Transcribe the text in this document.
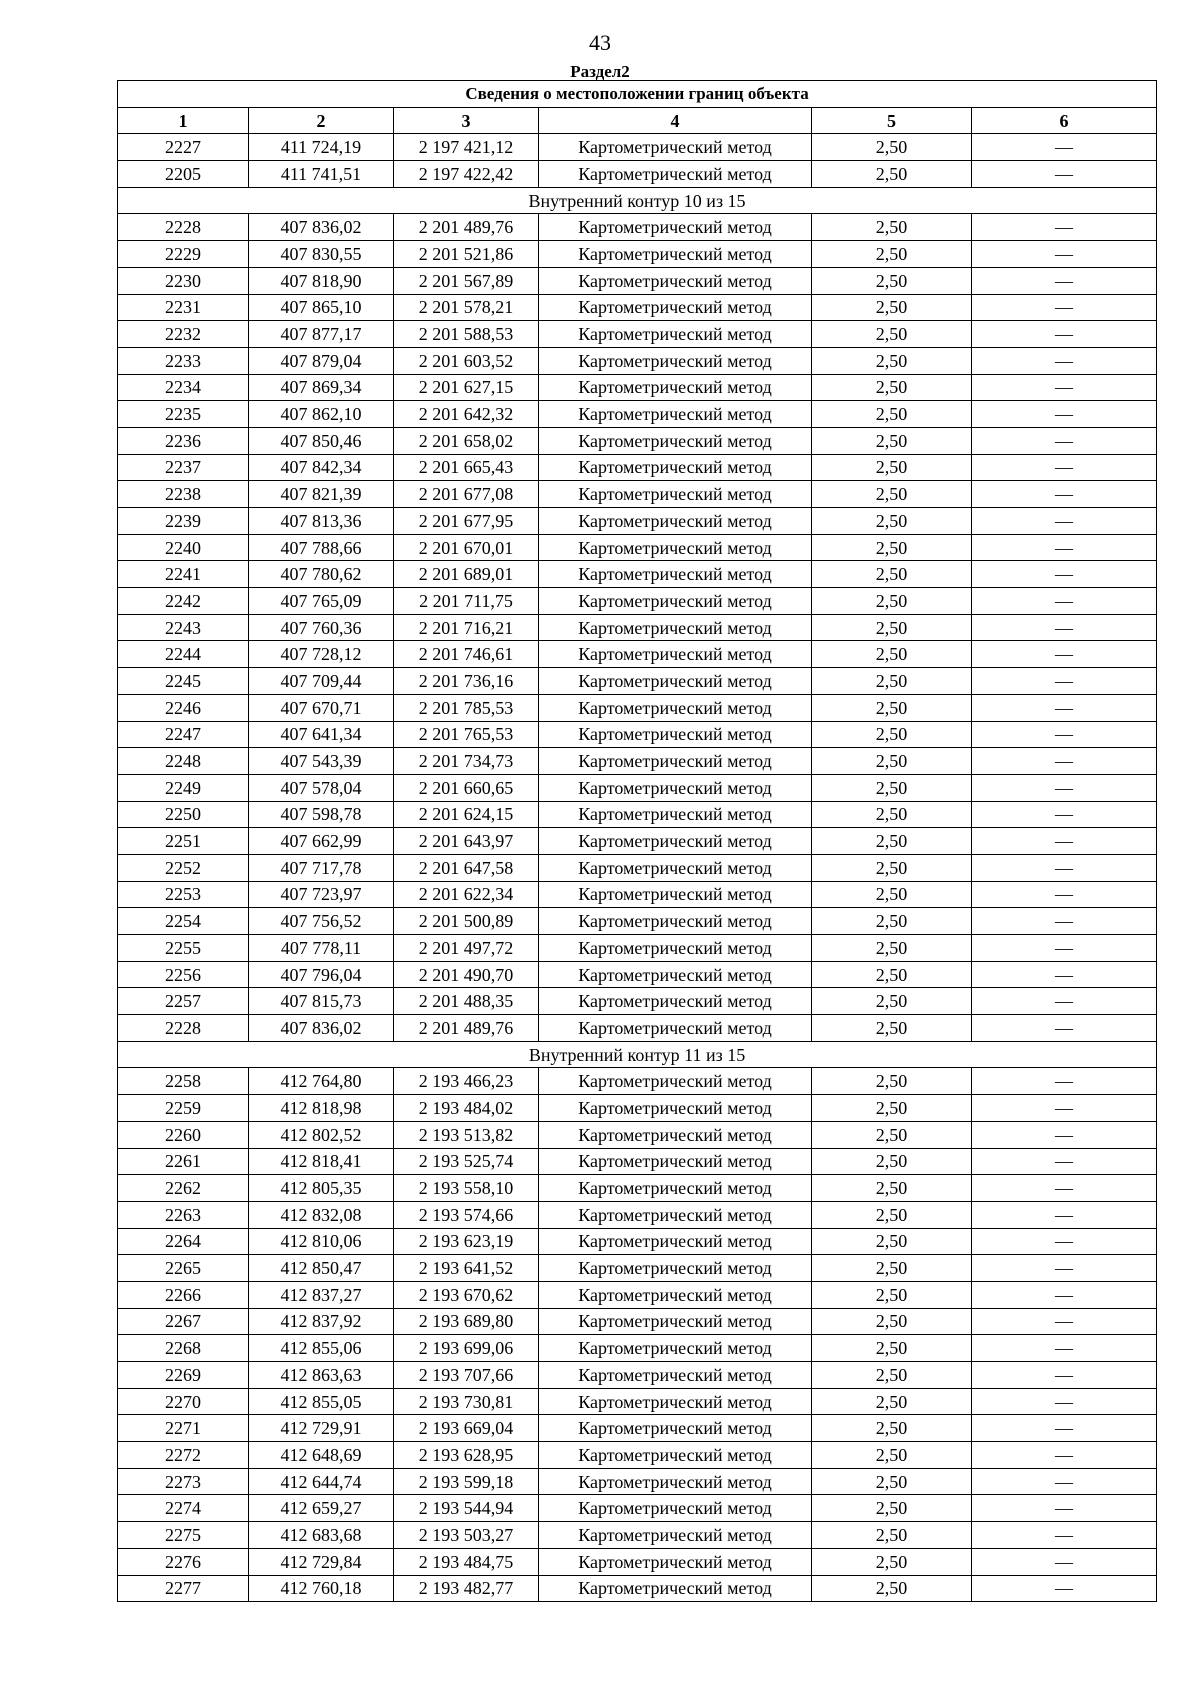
43
Раздел2
Сведения о местоположении границ объекта					
1	2	3	4	5	6
2227	411 724,19	2 197 421,12	Картометрический метод	2,50	—
2205	411 741,51	2 197 422,42	Картометрический метод	2,50	—
Внутренний контур 10 из 15					
2228	407 836,02	2 201 489,76	Картометрический метод	2,50	—
2229	407 830,55	2 201 521,86	Картометрический метод	2,50	—
2230	407 818,90	2 201 567,89	Картометрический метод	2,50	—
2231	407 865,10	2 201 578,21	Картометрический метод	2,50	—
2232	407 877,17	2 201 588,53	Картометрический метод	2,50	—
2233	407 879,04	2 201 603,52	Картометрический метод	2,50	—
2234	407 869,34	2 201 627,15	Картометрический метод	2,50	—
2235	407 862,10	2 201 642,32	Картометрический метод	2,50	—
2236	407 850,46	2 201 658,02	Картометрический метод	2,50	—
2237	407 842,34	2 201 665,43	Картометрический метод	2,50	—
2238	407 821,39	2 201 677,08	Картометрический метод	2,50	—
2239	407 813,36	2 201 677,95	Картометрический метод	2,50	—
2240	407 788,66	2 201 670,01	Картометрический метод	2,50	—
2241	407 780,62	2 201 689,01	Картометрический метод	2,50	—
2242	407 765,09	2 201 711,75	Картометрический метод	2,50	—
2243	407 760,36	2 201 716,21	Картометрический метод	2,50	—
2244	407 728,12	2 201 746,61	Картометрический метод	2,50	—
2245	407 709,44	2 201 736,16	Картометрический метод	2,50	—
2246	407 670,71	2 201 785,53	Картометрический метод	2,50	—
2247	407 641,34	2 201 765,53	Картометрический метод	2,50	—
2248	407 543,39	2 201 734,73	Картометрический метод	2,50	—
2249	407 578,04	2 201 660,65	Картометрический метод	2,50	—
2250	407 598,78	2 201 624,15	Картометрический метод	2,50	—
2251	407 662,99	2 201 643,97	Картометрический метод	2,50	—
2252	407 717,78	2 201 647,58	Картометрический метод	2,50	—
2253	407 723,97	2 201 622,34	Картометрический метод	2,50	—
2254	407 756,52	2 201 500,89	Картометрический метод	2,50	—
2255	407 778,11	2 201 497,72	Картометрический метод	2,50	—
2256	407 796,04	2 201 490,70	Картометрический метод	2,50	—
2257	407 815,73	2 201 488,35	Картометрический метод	2,50	—
2228	407 836,02	2 201 489,76	Картометрический метод	2,50	—
Внутренний контур 11 из 15					
2258	412 764,80	2 193 466,23	Картометрический метод	2,50	—
2259	412 818,98	2 193 484,02	Картометрический метод	2,50	—
2260	412 802,52	2 193 513,82	Картометрический метод	2,50	—
2261	412 818,41	2 193 525,74	Картометрический метод	2,50	—
2262	412 805,35	2 193 558,10	Картометрический метод	2,50	—
2263	412 832,08	2 193 574,66	Картометрический метод	2,50	—
2264	412 810,06	2 193 623,19	Картометрический метод	2,50	—
2265	412 850,47	2 193 641,52	Картометрический метод	2,50	—
2266	412 837,27	2 193 670,62	Картометрический метод	2,50	—
2267	412 837,92	2 193 689,80	Картометрический метод	2,50	—
2268	412 855,06	2 193 699,06	Картометрический метод	2,50	—
2269	412 863,63	2 193 707,66	Картометрический метод	2,50	—
2270	412 855,05	2 193 730,81	Картометрический метод	2,50	—
2271	412 729,91	2 193 669,04	Картометрический метод	2,50	—
2272	412 648,69	2 193 628,95	Картометрический метод	2,50	—
2273	412 644,74	2 193 599,18	Картометрический метод	2,50	—
2274	412 659,27	2 193 544,94	Картометрический метод	2,50	—
2275	412 683,68	2 193 503,27	Картометрический метод	2,50	—
2276	412 729,84	2 193 484,75	Картометрический метод	2,50	—
2277	412 760,18	2 193 482,77	Картометрический метод	2,50	—
